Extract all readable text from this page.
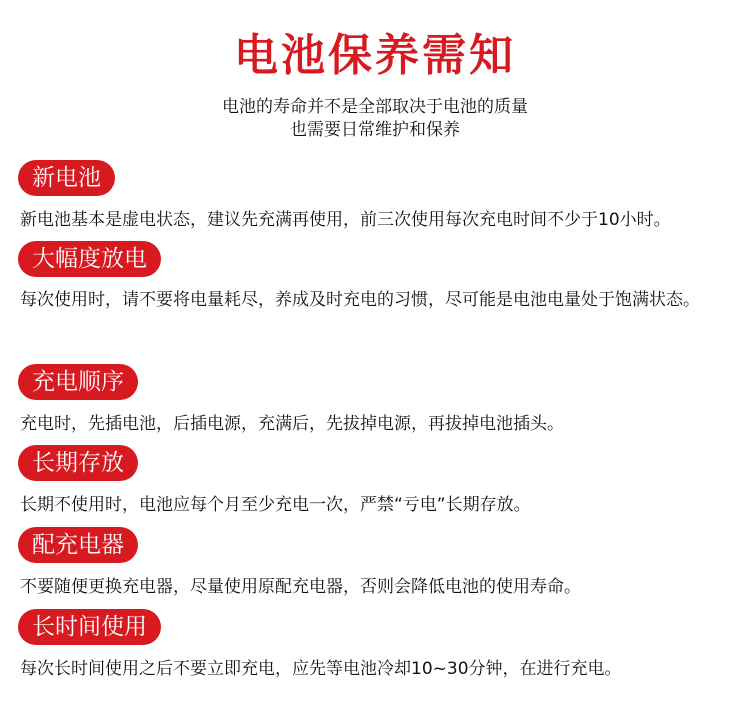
电池保养需知
电池的寿命并不是全部取决于电池的质量
也需要日常维护和保养
新电池
新电池基本是虚电状态，建议先充满再使用，前三次使用每次充电时间不少于10小时。
大幅度放电
每次使用时，请不要将电量耗尽，养成及时充电的习惯，尽可能是电池电量处于饱满状态。
充电顺序
充电时，先插电池，后插电源，充满后，先拔掉电源，再拔掉电池插头。
长期存放
长期不使用时，电池应每个月至少充电一次，严禁“亏电”长期存放。
配充电器
不要随便更换充电器，尽量使用原配充电器，否则会降低电池的使用寿命。
长时间使用
每次长时间使用之后不要立即充电，应先等电池冷却10~30分钟，在进行充电。
